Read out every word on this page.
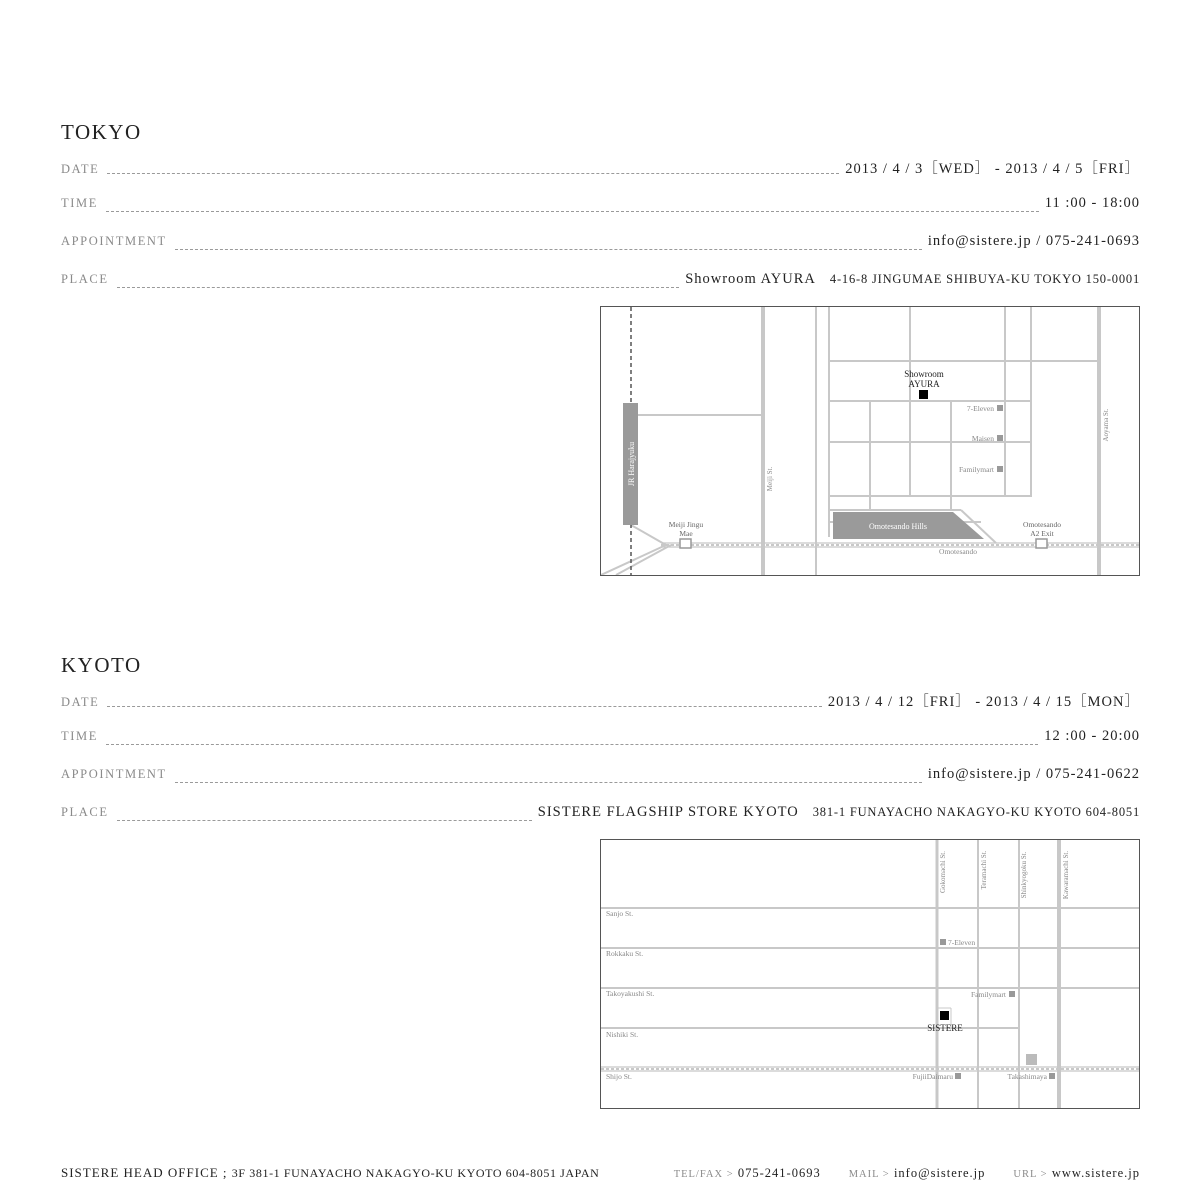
TOKYO
DATE	2013 / 4 / 3［WED］ - 2013 / 4 / 5［FRI］
TIME	11 :00 - 18:00
APPOINTMENT	info@sistere.jp / 075-241-0693
PLACE	Showroom AYURA 4-16-8 JINGUMAE SHIBUYA-KU TOKYO 150-0001
JR Harajyuku
Omotesando Hills
Meiji St.
Aoyama St.
Showroom
AYURA
7-Eleven
Maisen
Familymart
Meiji Jingu
Mae
Omotesando
A2 Exit
Omotesando
KYOTO
DATE	2013 / 4 / 12［FRI］ - 2013 / 4 / 15［MON］
TIME	12 :00 - 20:00
APPOINTMENT	info@sistere.jp / 075-241-0622
PLACE	SISTERE FLAGSHIP STORE KYOTO 381-1 FUNAYACHO NAKAGYO-KU KYOTO 604-8051
Gokomachi St.	Teramachi St.	Shinkyogoku St.	Kawaramachi St.
Sanjo St.
Rokkaku St.
Takoyakushi St.
Nishiki St.
Shijo St.
7-Eleven
Familymart
SISTERE
FujiiDaimaru	Takashimaya
SISTERE HEAD OFFICE ; 3F 381-1 FUNAYACHO NAKAGYO-KU KYOTO 604-8051 JAPAN	TEL/FAX > 075-241-0693	MAIL > info@sistere.jp	URL > www.sistere.jp
